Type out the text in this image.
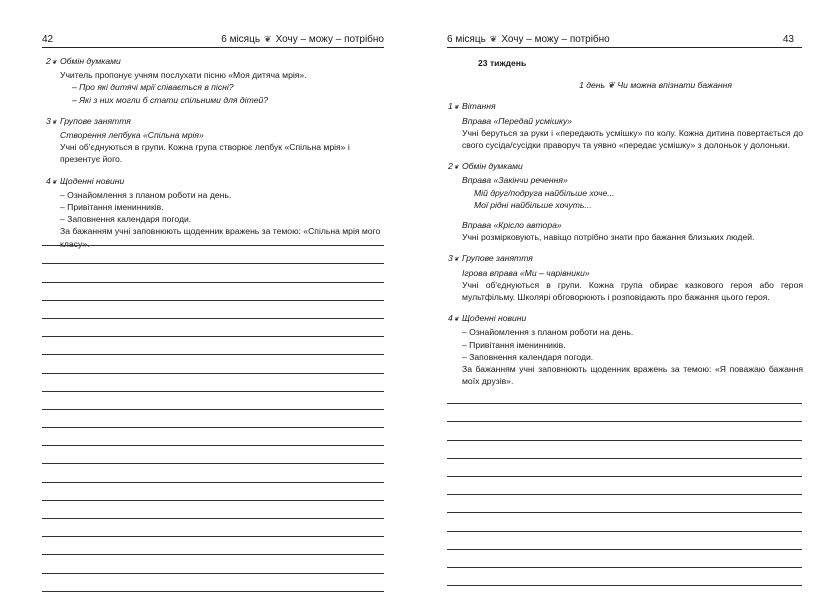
42	6 місяць ❦ Хочу – можу – потрібно
2 ❦ Обмін думками
Учитель пропонує учням послухати пісню «Моя дитяча мрія».
– Про які дитячі мрії співається в пісні?
– Які з них могли б стати спільними для дітей?
3 ❦ Групове заняття
Створення лепбука «Спільна мрія»
Учні об'єднуються в групи. Кожна група створює лепбук «Спільна мрія» і презентує його.
4 ❦ Щоденні новини
– Ознайомлення з планом роботи на день.
– Привітання іменинників.
– Заповнення календаря погоди.
За бажанням учні заповнюють щоденник вражень за темою: «Спільна мрія мого класу».
6 місяць ❦ Хочу – можу – потрібно	43
23 тиждень
1 день ❦ Чи можна впізнати бажання
1 ❦ Вітання
Вправа «Передай усмішку»
Учні беруться за руки і «передають усмішку» по колу. Кожна дитина повертається до свого сусіда/сусідки праворуч та уявно «передає усмішку» з долоньок у долоньки.
2 ❦ Обмін думками
Вправа «Закінчи речення»
Мій друг/подруга найбільше хоче...
Мої рідні найбільше хочуть...
Вправа «Крісло автора»
Учні розмірковують, навіщо потрібно знати про бажання близьких людей.
3 ❦ Групове заняття
Ігрова вправа «Ми – чарівники»
Учні об'єднуються в групи. Кожна група обирає казкового героя або героя мультфільму. Школярі обговорюють і розповідають про бажання цього героя.
4 ❦ Щоденні новини
– Ознайомлення з планом роботи на день.
– Привітання іменинників.
– Заповнення календаря погоди.
За бажанням учні заповнюють щоденник вражень за темою: «Я поважаю бажання моїх друзів».
